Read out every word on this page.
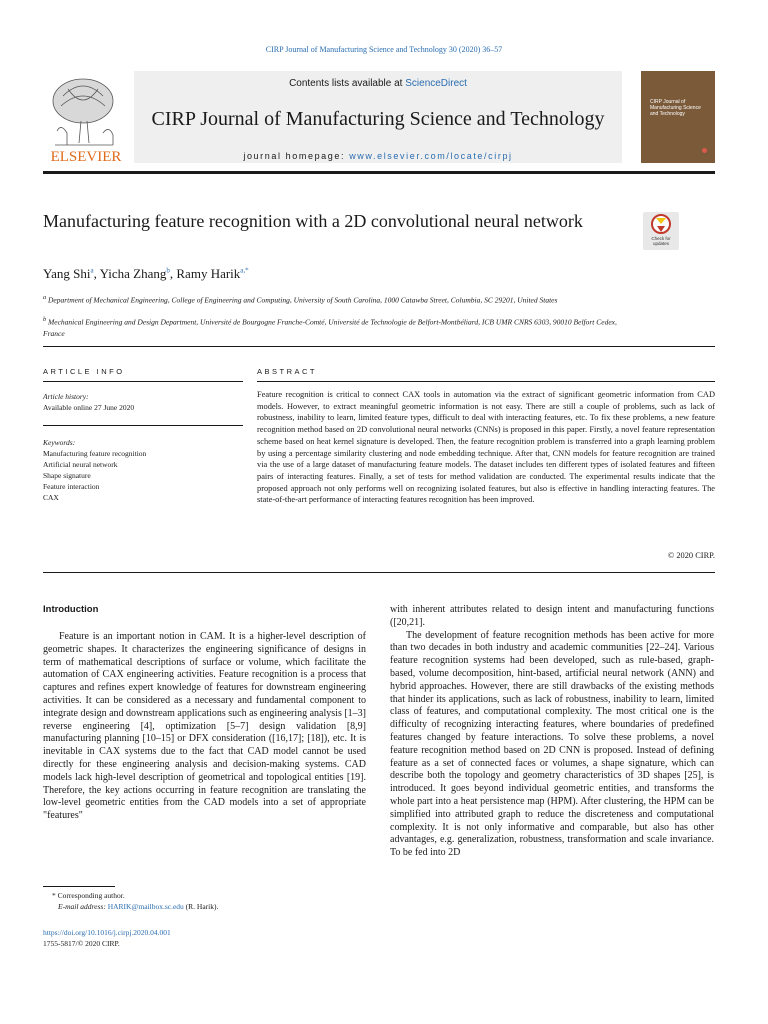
CIRP Journal of Manufacturing Science and Technology 30 (2020) 36–57
ELSEVIER
Contents lists available at ScienceDirect
CIRP Journal of Manufacturing Science and Technology
journal homepage: www.elsevier.com/locate/cirpj
CIRP Journal of Manufacturing Science and Technology
Manufacturing feature recognition with a 2D convolutional neural network
Check for
updates
Yang Shi$^a$, Yicha Zhang$^b$, Ramy Harik$^{a,*}$
$^a$ Department of Mechanical Engineering, College of Engineering and Computing, University of South Carolina, 1000 Catawba Street, Columbia, SC 29201, United States
$^b$ Mechanical Engineering and Design Department, Université de Bourgogne Franche-Comté, Université de Technologie de Belfort-Montbéliard, ICB UMR CNRS 6303, 90010 Belfort Cedex, France
ARTICLE INFO
Article history:
Available online 27 June 2020
Keywords:
Manufacturing feature recognition
Artificial neural network
Shape signature
Feature interaction
CAX
ABSTRACT
Feature recognition is critical to connect CAX tools in automation via the extract of significant geometric information from CAD models. However, to extract meaningful geometric information is not easy. There are still a couple of problems, such as lack of robustness, inability to learn, limited feature types, difficult to deal with interacting features, etc. To fix these problems, a new feature recognition method based on 2D convolutional neural networks (CNNs) is proposed in this paper. Firstly, a novel feature representation scheme based on heat kernel signature is developed. Then, the feature recognition problem is transferred into a graph learning problem by using a percentage similarity clustering and node embedding technique. After that, CNN models for feature recognition are trained via the use of a large dataset of manufacturing feature models. The dataset includes ten different types of isolated features and fifteen pairs of interacting features. Finally, a set of tests for method validation are conducted. The experimental results indicate that the proposed approach not only performs well on recognizing isolated features, but also is effective in handling interacting features. The state-of-the-art performance of interacting features recognition has been improved.
© 2020 CIRP.
Introduction

Feature is an important notion in CAM. It is a higher-level description of geometric shapes. It characterizes the engineering significance of designs in term of mathematical descriptions of surface or volume, which facilitate the automation of CAX engineering activities. Feature recognition is a process that captures and refines expert knowledge of features for downstream engineering activities. It can be considered as a necessary and fundamental component to integrate design and downstream applications such as engineering analysis [1–3] reverse engineering [4], optimization [5–7] design validation [8,9] manufacturing planning [10–15] or DFX consideration ([16,17]; [18]), etc. It is inevitable in CAX systems due to the fact that CAD model cannot be used directly for these engineering analysis and decision-making systems. CAD models lack high-level description of geometrical and topological entities [19]. Therefore, the key actions occurring in feature recognition are translating the low-level geometric entities from the CAD models into a set of appropriate "features"

with inherent attributes related to design intent and manufacturing functions ([20,21].

The development of feature recognition methods has been active for more than two decades in both industry and academic communities [22–24]. Various feature recognition systems had been developed, such as rule-based, graph-based, volume decomposition, hint-based, artificial neural network (ANN) and hybrid approaches. However, there are still drawbacks of the existing methods that hinder its applications, such as lack of robustness, inability to learn, limited class of features, and computational complexity. The most critical one is the difficulty of recognizing interacting features, where boundaries of predefined features changed by feature interactions. To solve these problems, a novel feature recognition method based on 2D CNN is proposed. Instead of defining feature as a set of connected faces or volumes, a shape signature, which can describe both the topology and geometry characteristics of 3D shapes [25], is introduced. It goes beyond individual geometric entities, and transforms the whole part into a heat persistence map (HPM). After clustering, the HPM can be simplified into attributed graph to reduce the discreteness and computational complexity. It is not only informative and comparable, but also has other advantages, e.g. generalization, robustness, transformation and scale invariance. To be fed into 2D

* Corresponding author.
E-mail address: HARIK@mailbox.sc.edu (R. Harik).
https://doi.org/10.1016/j.cirpj.2020.04.001
1755-5817/© 2020 CIRP.
